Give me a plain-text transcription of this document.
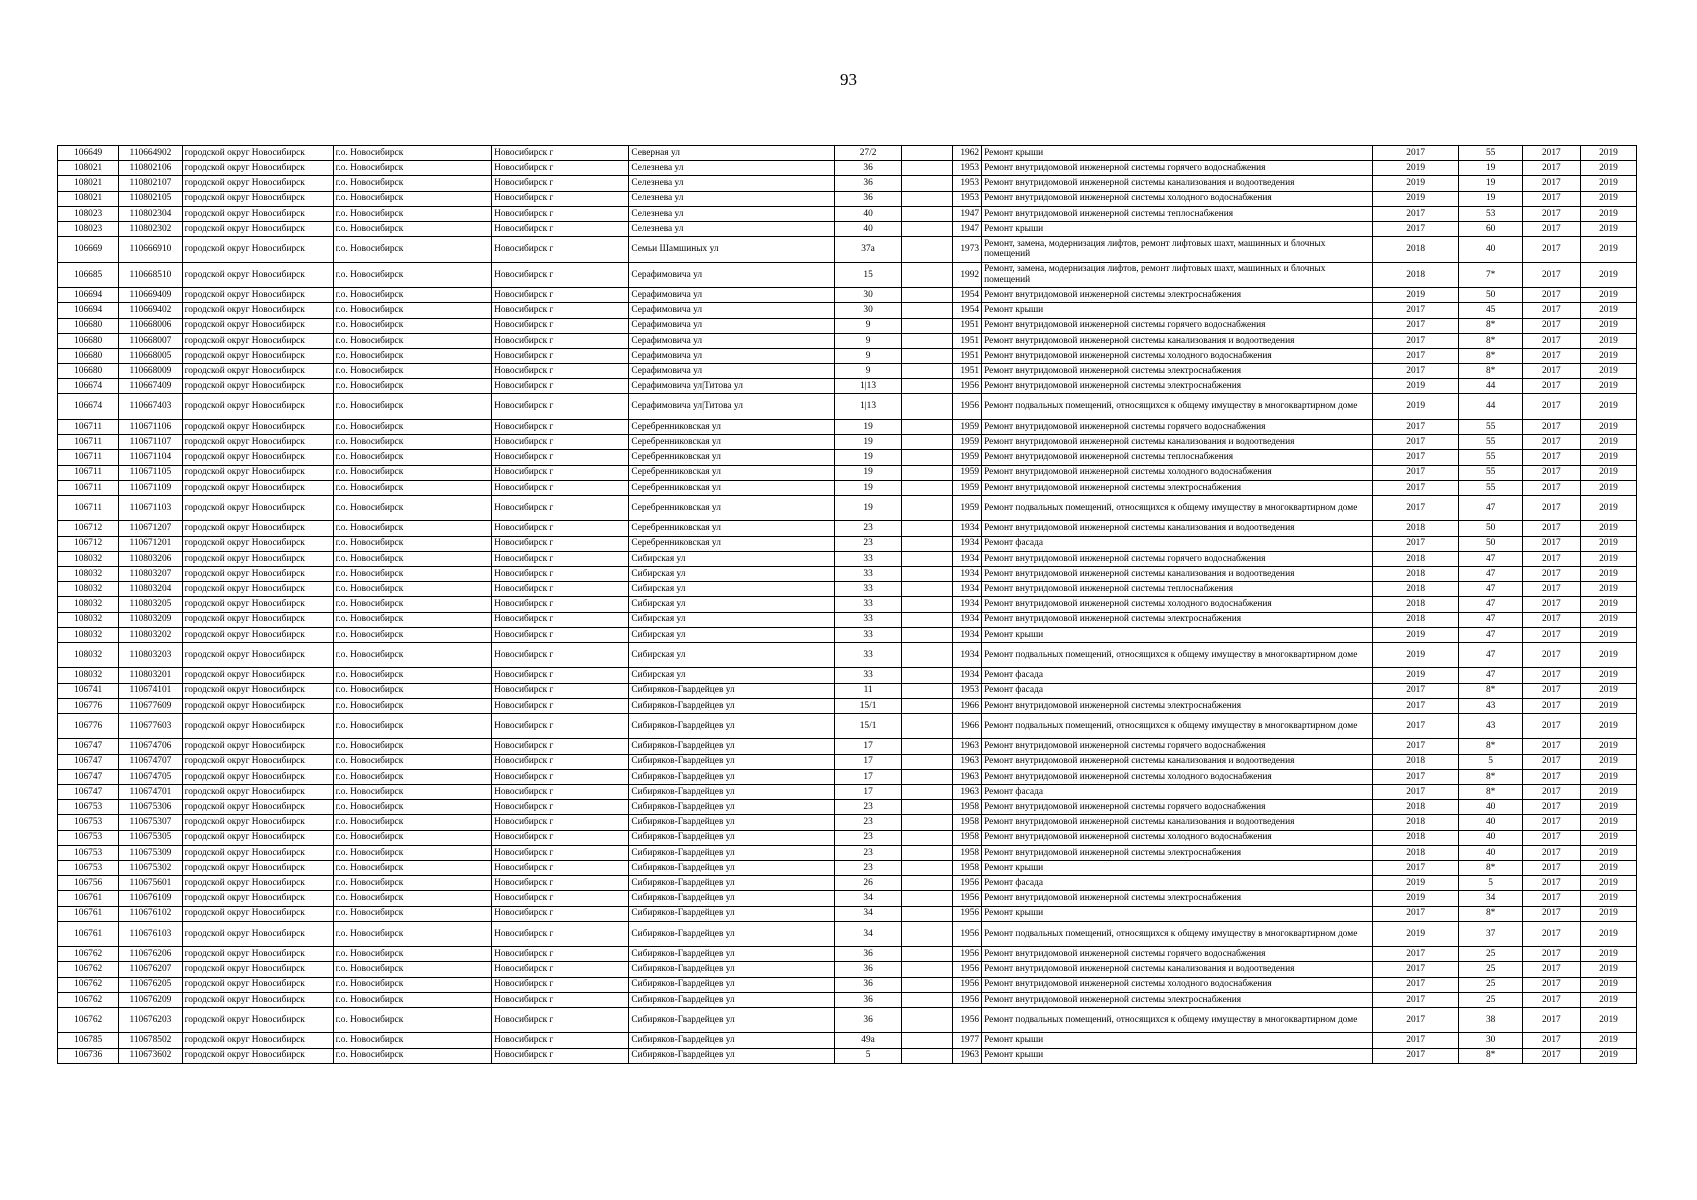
93
106649	110664902	городской округ Новосибирск	г.о. Новосибирск	Новосибирск г	Северная ул	27/2		1962	Ремонт крыши	2017	55	2017	2019
108021	110802106	городской округ Новосибирск	г.о. Новосибирск	Новосибирск г	Селезнева ул	36		1953	Ремонт внутридомовой инженерной системы горячего водоснабжения	2019	19	2017	2019
108021	110802107	городской округ Новосибирск	г.о. Новосибирск	Новосибирск г	Селезнева ул	36		1953	Ремонт внутридомовой инженерной системы канализования и водоотведения	2019	19	2017	2019
108021	110802105	городской округ Новосибирск	г.о. Новосибирск	Новосибирск г	Селезнева ул	36		1953	Ремонт внутридомовой инженерной системы холодного водоснабжения	2019	19	2017	2019
108023	110802304	городской округ Новосибирск	г.о. Новосибирск	Новосибирск г	Селезнева ул	40		1947	Ремонт внутридомовой инженерной системы теплоснабжения	2017	53	2017	2019
108023	110802302	городской округ Новосибирск	г.о. Новосибирск	Новосибирск г	Селезнева ул	40		1947	Ремонт крыши	2017	60	2017	2019
106669	110666910	городской округ Новосибирск	г.о. Новосибирск	Новосибирск г	Семьи Шамшиных ул	37а		1973	Ремонт, замена, модернизация лифтов, ремонт лифтовых шахт, машинных и блочных помещений	2018	40	2017	2019
106685	110668510	городской округ Новосибирск	г.о. Новосибирск	Новосибирск г	Серафимовича ул	15		1992	Ремонт, замена, модернизация лифтов, ремонт лифтовых шахт, машинных и блочных помещений	2018	7*	2017	2019
106694	110669409	городской округ Новосибирск	г.о. Новосибирск	Новосибирск г	Серафимовича ул	30		1954	Ремонт внутридомовой инженерной системы электроснабжения	2019	50	2017	2019
106694	110669402	городской округ Новосибирск	г.о. Новосибирск	Новосибирск г	Серафимовича ул	30		1954	Ремонт крыши	2017	45	2017	2019
106680	110668006	городской округ Новосибирск	г.о. Новосибирск	Новосибирск г	Серафимовича ул	9		1951	Ремонт внутридомовой инженерной системы горячего водоснабжения	2017	8*	2017	2019
106680	110668007	городской округ Новосибирск	г.о. Новосибирск	Новосибирск г	Серафимовича ул	9		1951	Ремонт внутридомовой инженерной системы канализования и водоотведения	2017	8*	2017	2019
106680	110668005	городской округ Новосибирск	г.о. Новосибирск	Новосибирск г	Серафимовича ул	9		1951	Ремонт внутридомовой инженерной системы холодного водоснабжения	2017	8*	2017	2019
106680	110668009	городской округ Новосибирск	г.о. Новосибирск	Новосибирск г	Серафимовича ул	9		1951	Ремонт внутридомовой инженерной системы электроснабжения	2017	8*	2017	2019
106674	110667409	городской округ Новосибирск	г.о. Новосибирск	Новосибирск г	Серафимовича ул|Титова ул	1|13		1956	Ремонт внутридомовой инженерной системы электроснабжения	2019	44	2017	2019
106674	110667403	городской округ Новосибирск	г.о. Новосибирск	Новосибирск г	Серафимовича ул|Титова ул	1|13		1956	Ремонт подвальных помещений, относящихся к общему имуществу в многоквартирном доме	2019	44	2017	2019
106711	110671106	городской округ Новосибирск	г.о. Новосибирск	Новосибирск г	Серебренниковская ул	19		1959	Ремонт внутридомовой инженерной системы горячего водоснабжения	2017	55	2017	2019
106711	110671107	городской округ Новосибирск	г.о. Новосибирск	Новосибирск г	Серебренниковская ул	19		1959	Ремонт внутридомовой инженерной системы канализования и водоотведения	2017	55	2017	2019
106711	110671104	городской округ Новосибирск	г.о. Новосибирск	Новосибирск г	Серебренниковская ул	19		1959	Ремонт внутридомовой инженерной системы теплоснабжения	2017	55	2017	2019
106711	110671105	городской округ Новосибирск	г.о. Новосибирск	Новосибирск г	Серебренниковская ул	19		1959	Ремонт внутридомовой инженерной системы холодного водоснабжения	2017	55	2017	2019
106711	110671109	городской округ Новосибирск	г.о. Новосибирск	Новосибирск г	Серебренниковская ул	19		1959	Ремонт внутридомовой инженерной системы электроснабжения	2017	55	2017	2019
106711	110671103	городской округ Новосибирск	г.о. Новосибирск	Новосибирск г	Серебренниковская ул	19		1959	Ремонт подвальных помещений, относящихся к общему имуществу в многоквартирном доме	2017	47	2017	2019
106712	110671207	городской округ Новосибирск	г.о. Новосибирск	Новосибирск г	Серебренниковская ул	23		1934	Ремонт внутридомовой инженерной системы канализования и водоотведения	2018	50	2017	2019
106712	110671201	городской округ Новосибирск	г.о. Новосибирск	Новосибирск г	Серебренниковская ул	23		1934	Ремонт фасада	2017	50	2017	2019
108032	110803206	городской округ Новосибирск	г.о. Новосибирск	Новосибирск г	Сибирская ул	33		1934	Ремонт внутридомовой инженерной системы горячего водоснабжения	2018	47	2017	2019
108032	110803207	городской округ Новосибирск	г.о. Новосибирск	Новосибирск г	Сибирская ул	33		1934	Ремонт внутридомовой инженерной системы канализования и водоотведения	2018	47	2017	2019
108032	110803204	городской округ Новосибирск	г.о. Новосибирск	Новосибирск г	Сибирская ул	33		1934	Ремонт внутридомовой инженерной системы теплоснабжения	2018	47	2017	2019
108032	110803205	городской округ Новосибирск	г.о. Новосибирск	Новосибирск г	Сибирская ул	33		1934	Ремонт внутридомовой инженерной системы холодного водоснабжения	2018	47	2017	2019
108032	110803209	городской округ Новосибирск	г.о. Новосибирск	Новосибирск г	Сибирская ул	33		1934	Ремонт внутридомовой инженерной системы электроснабжения	2018	47	2017	2019
108032	110803202	городской округ Новосибирск	г.о. Новосибирск	Новосибирск г	Сибирская ул	33		1934	Ремонт крыши	2019	47	2017	2019
108032	110803203	городской округ Новосибирск	г.о. Новосибирск	Новосибирск г	Сибирская ул	33		1934	Ремонт подвальных помещений, относящихся к общему имуществу в многоквартирном доме	2019	47	2017	2019
108032	110803201	городской округ Новосибирск	г.о. Новосибирск	Новосибирск г	Сибирская ул	33		1934	Ремонт фасада	2019	47	2017	2019
106741	110674101	городской округ Новосибирск	г.о. Новосибирск	Новосибирск г	Сибиряков-Гвардейцев ул	11		1953	Ремонт фасада	2017	8*	2017	2019
106776	110677609	городской округ Новосибирск	г.о. Новосибирск	Новосибирск г	Сибиряков-Гвардейцев ул	15/1		1966	Ремонт внутридомовой инженерной системы электроснабжения	2017	43	2017	2019
106776	110677603	городской округ Новосибирск	г.о. Новосибирск	Новосибирск г	Сибиряков-Гвардейцев ул	15/1		1966	Ремонт подвальных помещений, относящихся к общему имуществу в многоквартирном доме	2017	43	2017	2019
106747	110674706	городской округ Новосибирск	г.о. Новосибирск	Новосибирск г	Сибиряков-Гвардейцев ул	17		1963	Ремонт внутридомовой инженерной системы горячего водоснабжения	2017	8*	2017	2019
106747	110674707	городской округ Новосибирск	г.о. Новосибирск	Новосибирск г	Сибиряков-Гвардейцев ул	17		1963	Ремонт внутридомовой инженерной системы канализования и водоотведения	2018	5	2017	2019
106747	110674705	городской округ Новосибирск	г.о. Новосибирск	Новосибирск г	Сибиряков-Гвардейцев ул	17		1963	Ремонт внутридомовой инженерной системы холодного водоснабжения	2017	8*	2017	2019
106747	110674701	городской округ Новосибирск	г.о. Новосибирск	Новосибирск г	Сибиряков-Гвардейцев ул	17		1963	Ремонт фасада	2017	8*	2017	2019
106753	110675306	городской округ Новосибирск	г.о. Новосибирск	Новосибирск г	Сибиряков-Гвардейцев ул	23		1958	Ремонт внутридомовой инженерной системы горячего водоснабжения	2018	40	2017	2019
106753	110675307	городской округ Новосибирск	г.о. Новосибирск	Новосибирск г	Сибиряков-Гвардейцев ул	23		1958	Ремонт внутридомовой инженерной системы канализования и водоотведения	2018	40	2017	2019
106753	110675305	городской округ Новосибирск	г.о. Новосибирск	Новосибирск г	Сибиряков-Гвардейцев ул	23		1958	Ремонт внутридомовой инженерной системы холодного водоснабжения	2018	40	2017	2019
106753	110675309	городской округ Новосибирск	г.о. Новосибирск	Новосибирск г	Сибиряков-Гвардейцев ул	23		1958	Ремонт внутридомовой инженерной системы электроснабжения	2018	40	2017	2019
106753	110675302	городской округ Новосибирск	г.о. Новосибирск	Новосибирск г	Сибиряков-Гвардейцев ул	23		1958	Ремонт крыши	2017	8*	2017	2019
106756	110675601	городской округ Новосибирск	г.о. Новосибирск	Новосибирск г	Сибиряков-Гвардейцев ул	26		1956	Ремонт фасада	2019	5	2017	2019
106761	110676109	городской округ Новосибирск	г.о. Новосибирск	Новосибирск г	Сибиряков-Гвардейцев ул	34		1956	Ремонт внутридомовой инженерной системы электроснабжения	2019	34	2017	2019
106761	110676102	городской округ Новосибирск	г.о. Новосибирск	Новосибирск г	Сибиряков-Гвардейцев ул	34		1956	Ремонт крыши	2017	8*	2017	2019
106761	110676103	городской округ Новосибирск	г.о. Новосибирск	Новосибирск г	Сибиряков-Гвардейцев ул	34		1956	Ремонт подвальных помещений, относящихся к общему имуществу в многоквартирном доме	2019	37	2017	2019
106762	110676206	городской округ Новосибирск	г.о. Новосибирск	Новосибирск г	Сибиряков-Гвардейцев ул	36		1956	Ремонт внутридомовой инженерной системы горячего водоснабжения	2017	25	2017	2019
106762	110676207	городской округ Новосибирск	г.о. Новосибирск	Новосибирск г	Сибиряков-Гвардейцев ул	36		1956	Ремонт внутридомовой инженерной системы канализования и водоотведения	2017	25	2017	2019
106762	110676205	городской округ Новосибирск	г.о. Новосибирск	Новосибирск г	Сибиряков-Гвардейцев ул	36		1956	Ремонт внутридомовой инженерной системы холодного водоснабжения	2017	25	2017	2019
106762	110676209	городской округ Новосибирск	г.о. Новосибирск	Новосибирск г	Сибиряков-Гвардейцев ул	36		1956	Ремонт внутридомовой инженерной системы электроснабжения	2017	25	2017	2019
106762	110676203	городской округ Новосибирск	г.о. Новосибирск	Новосибирск г	Сибиряков-Гвардейцев ул	36		1956	Ремонт подвальных помещений, относящихся к общему имуществу в многоквартирном доме	2017	38	2017	2019
106785	110678502	городской округ Новосибирск	г.о. Новосибирск	Новосибирск г	Сибиряков-Гвардейцев ул	49а		1977	Ремонт крыши	2017	30	2017	2019
106736	110673602	городской округ Новосибирск	г.о. Новосибирск	Новосибирск г	Сибиряков-Гвардейцев ул	5		1963	Ремонт крыши	2017	8*	2017	2019
